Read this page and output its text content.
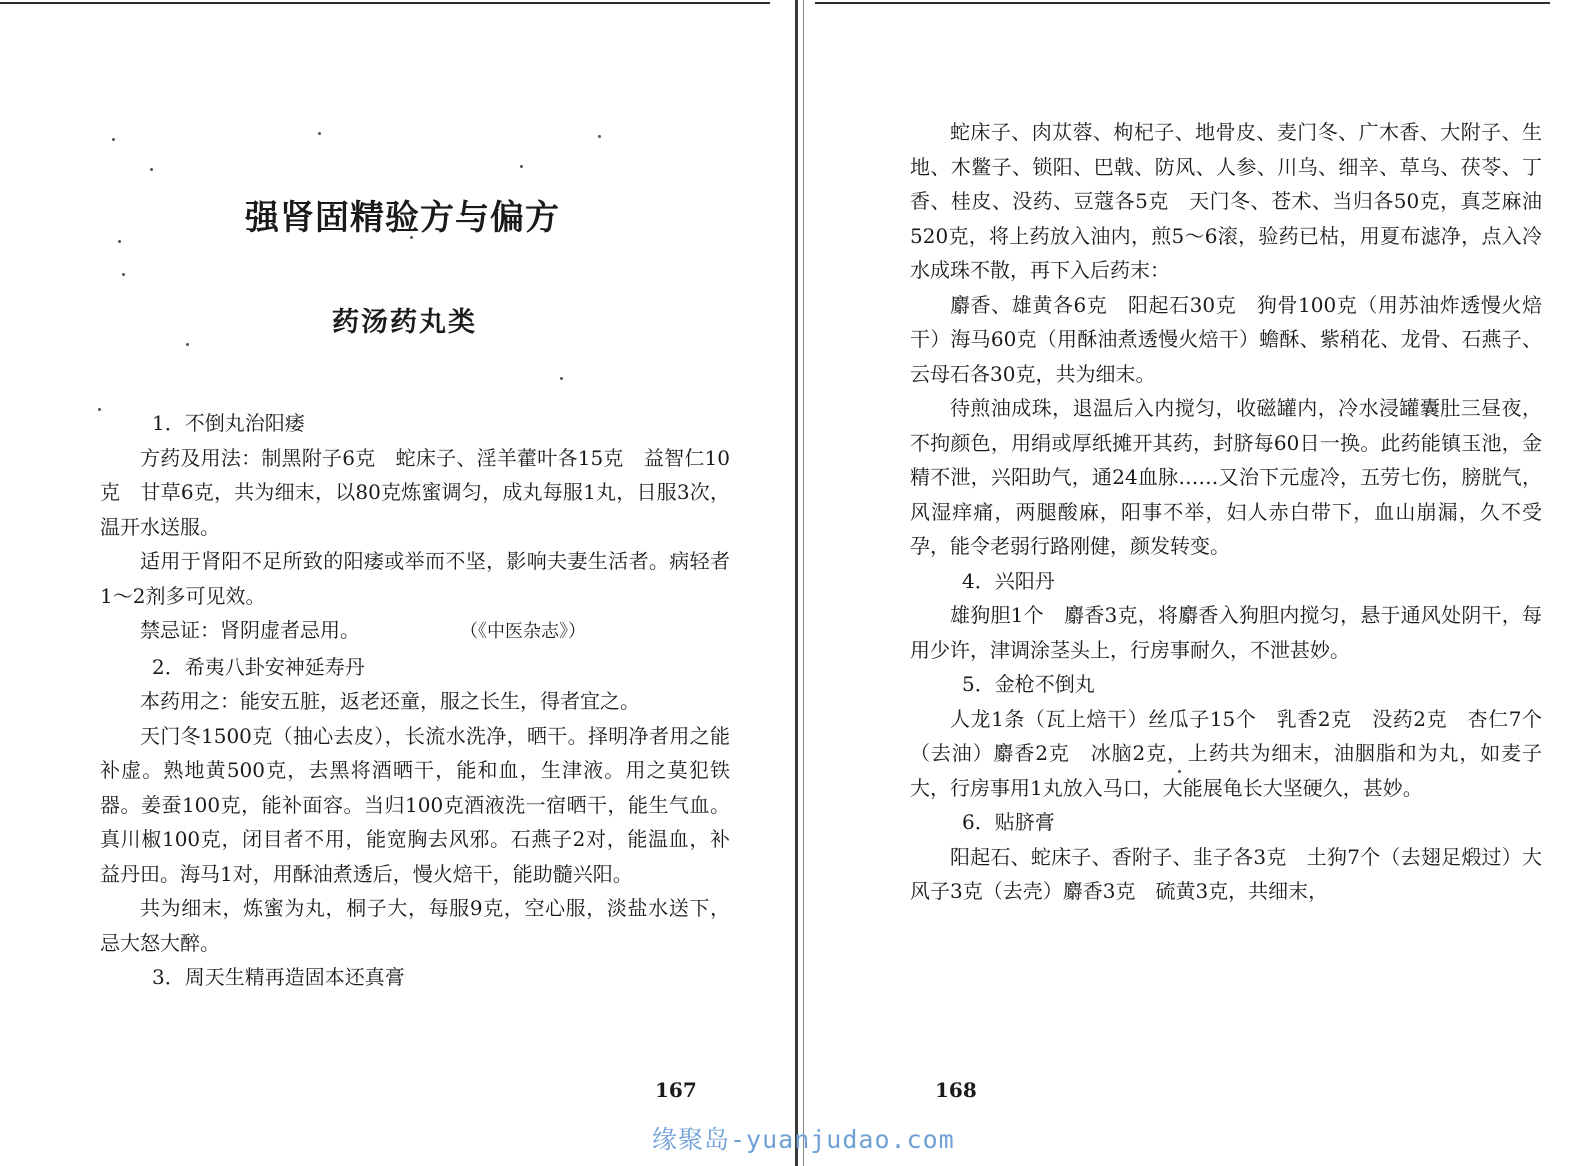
强肾固精验方与偏方
药汤药丸类

1．不倒丸治阳痿

方药及用法：制黑附子6克　蛇床子、淫羊藿叶各15克　益智仁10克　甘草6克，共为细末，以80克炼蜜调匀，成丸每服1丸，日服3次，温开水送服。

适用于肾阳不足所致的阳痿或举而不坚，影响夫妻生活者。病轻者1～2剂多可见效。

禁忌证：肾阴虚者忌用。	（《中医杂志》）

2．希夷八卦安神延寿丹

本药用之：能安五脏，返老还童，服之长生，得者宜之。

天门冬1500克（抽心去皮），长流水洗净，晒干。择明净者用之能补虚。熟地黄500克，去黑将酒晒干，能和血，生津液。用之莫犯铁器。姜蚕100克，能补面容。当归100克酒液洗一宿晒干，能生气血。真川椒100克，闭目者不用，能宽胸去风邪。石燕子2对，能温血，补益丹田。海马1对，用酥油煮透后，慢火焙干，能助髓兴阳。

共为细末，炼蜜为丸，桐子大，每服9克，空心服，淡盐水送下，忌大怒大醉。

3．周天生精再造固本还真膏

167

蛇床子、肉苁蓉、枸杞子、地骨皮、麦门冬、广木香、大附子、生地、木鳖子、锁阳、巴戟、防风、人参、川乌、细辛、草乌、茯苓、丁香、桂皮、没药、豆蔻各5克　天门冬、苍术、当归各50克，真芝麻油520克，将上药放入油内，煎5～6滚，验药已枯，用夏布滤净，点入冷水成珠不散，再下入后药末：

麝香、雄黄各6克　阳起石30克　狗骨100克（用苏油炸透慢火焙干）海马60克（用酥油煮透慢火焙干）蟾酥、紫稍花、龙骨、石燕子、云母石各30克，共为细末。

待煎油成珠，退温后入内搅匀，收磁罐内，冷水浸罐囊肚三昼夜，不拘颜色，用绢或厚纸摊开其药，封脐每60日一换。此药能镇玉池，金精不泄，兴阳助气，通24血脉……又治下元虚冷，五劳七伤，膀胱气，风湿痒痛，两腿酸麻，阳事不举，妇人赤白带下，血山崩漏，久不受孕，能令老弱行路刚健，颜发转变。

4．兴阳丹

雄狗胆1个　麝香3克，将麝香入狗胆内搅匀，悬于通风处阴干，每用少许，津调涂茎头上，行房事耐久，不泄甚妙。

5．金枪不倒丸

人龙1条（瓦上焙干）丝瓜子15个　乳香2克　没药2克　杏仁7个（去油）麝香2克　冰脑2克，上药共为细末，油胭脂和为丸，如麦子大，行房事用1丸放入马口，大能展龟长大坚硬久，甚妙。

6．贴脐膏

阳起石、蛇床子、香附子、韭子各3克　土狗7个（去翅足煅过）大风子3克（去壳）麝香3克　硫黄3克，共细末，

168
缘聚岛-yuanjudao.com
